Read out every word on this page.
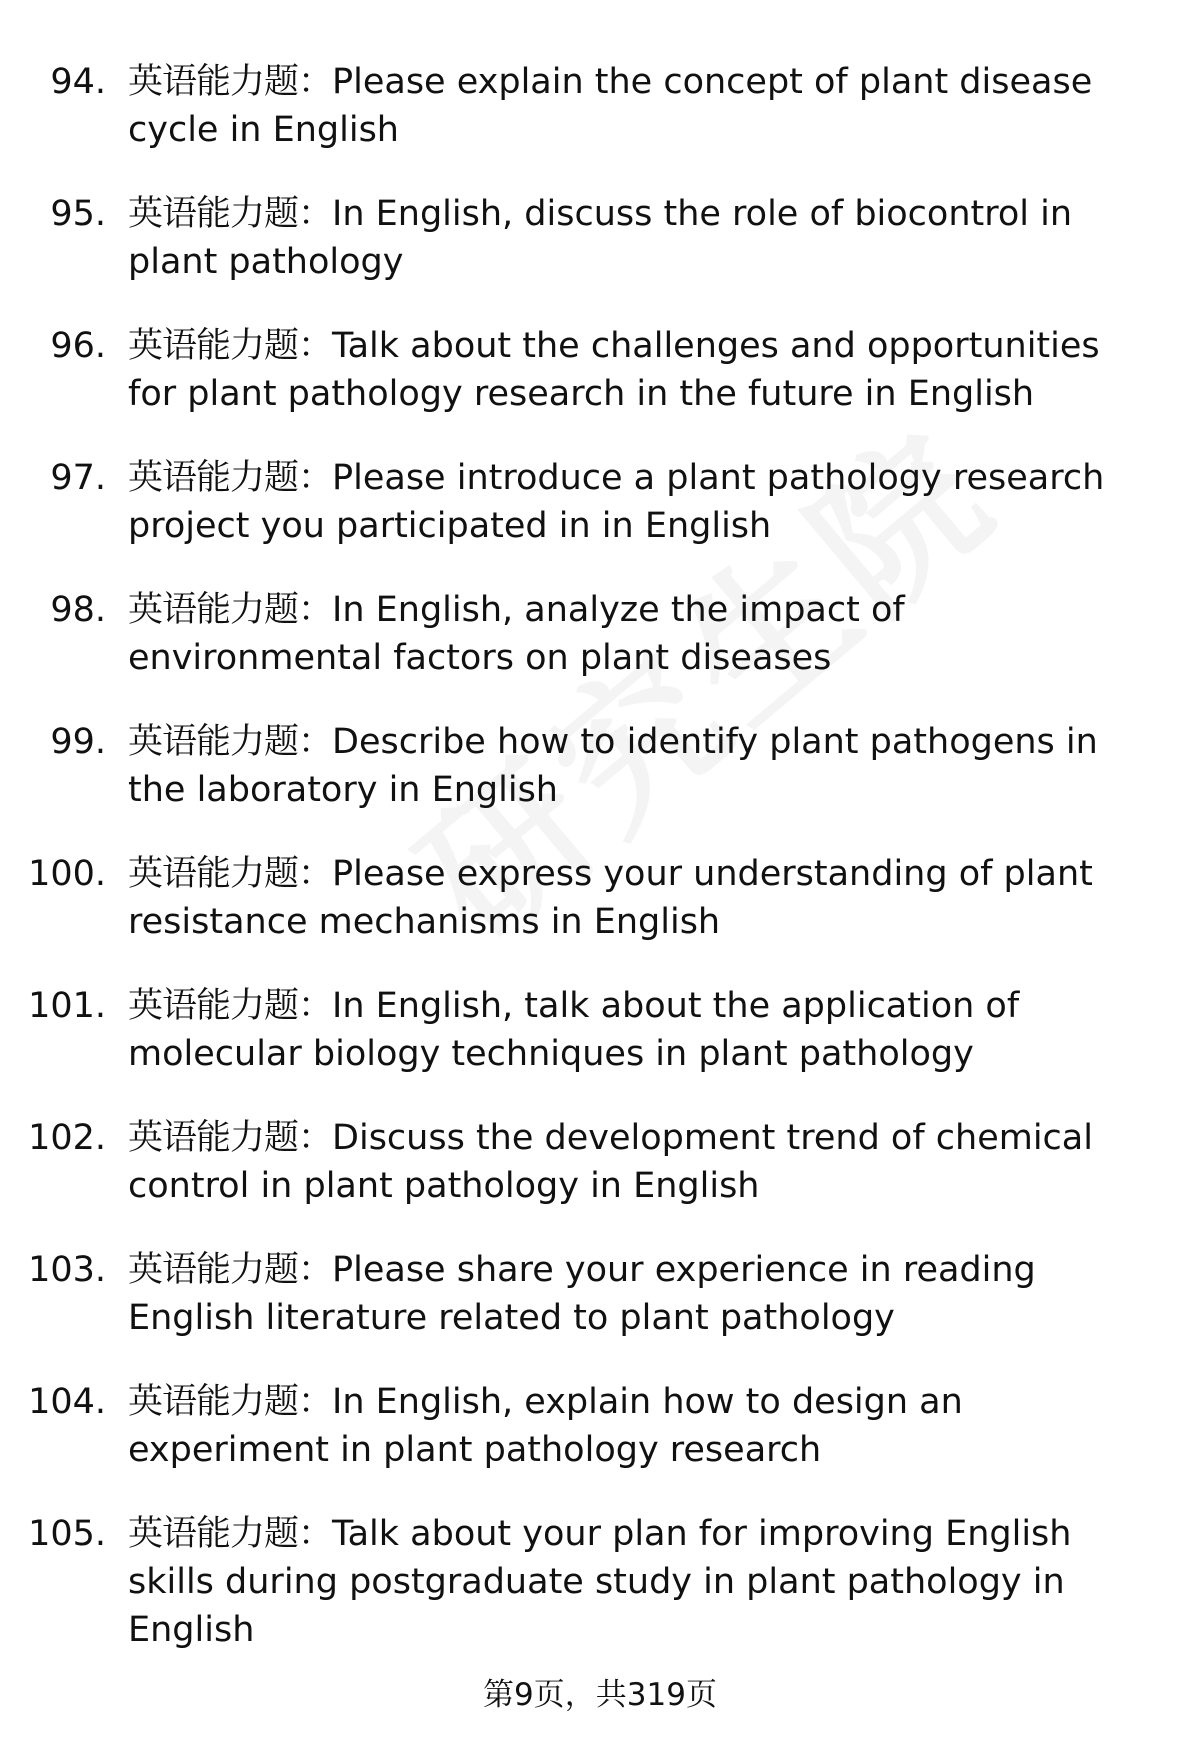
94. 英语能力题：Please explain the concept of plant disease cycle in English
95. 英语能力题：In English, discuss the role of biocontrol in plant pathology
96. 英语能力题：Talk about the challenges and opportunities for plant pathology research in the future in English
97. 英语能力题：Please introduce a plant pathology research project you participated in in English
98. 英语能力题：In English, analyze the impact of environmental factors on plant diseases
99. 英语能力题：Describe how to identify plant pathogens in the laboratory in English
100. 英语能力题：Please express your understanding of plant resistance mechanisms in English
101. 英语能力题：In English, talk about the application of molecular biology techniques in plant pathology
102. 英语能力题：Discuss the development trend of chemical control in plant pathology in English
103. 英语能力题：Please share your experience in reading English literature related to plant pathology
104. 英语能力题：In English, explain how to design an experiment in plant pathology research
105. 英语能力题：Talk about your plan for improving English skills during postgraduate study in plant pathology in English
第9页，共319页
